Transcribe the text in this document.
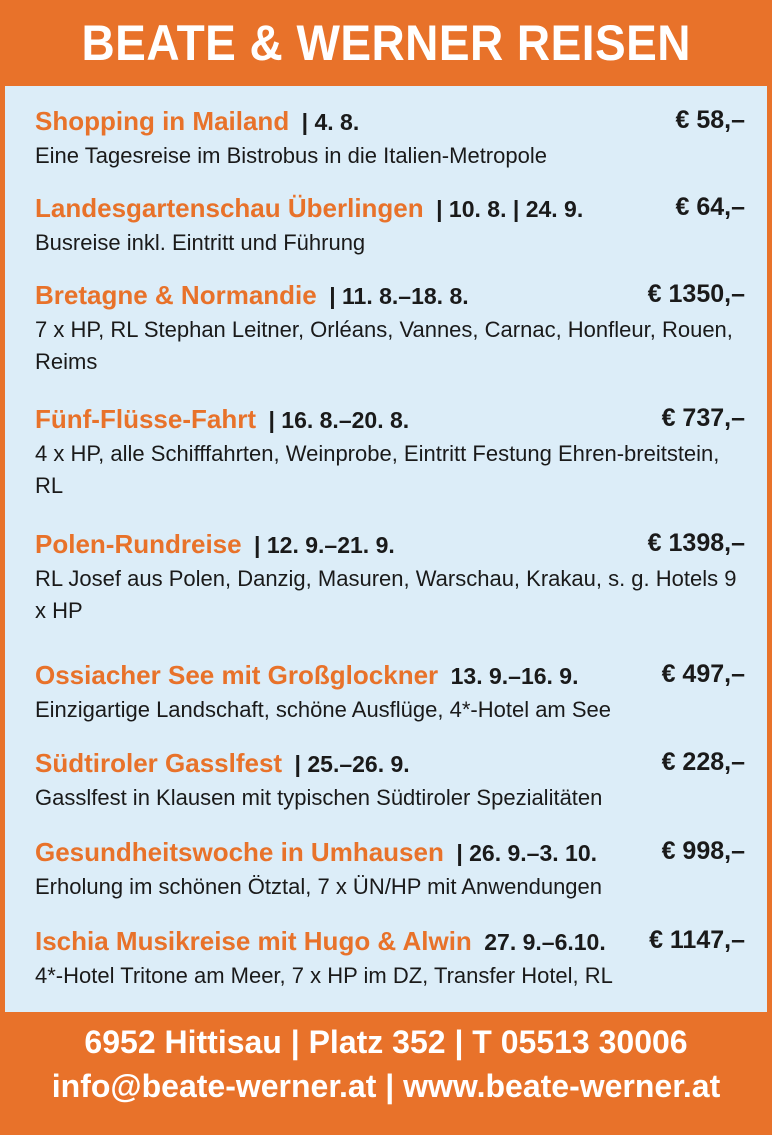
BEATE & WERNER REISEN
Shopping in Mailand | 4. 8.	€ 58,–
Eine Tagesreise im Bistrobus in die Italien-Metropole
Landesgartenschau Überlingen | 10. 8. | 24. 9.	€ 64,–
Busreise inkl. Eintritt und Führung
Bretagne & Normandie | 11. 8.–18. 8.	€ 1350,–
7 x HP, RL Stephan Leitner, Orléans, Vannes, Carnac, Honfleur, Rouen, Reims
Fünf-Flüsse-Fahrt | 16. 8.–20. 8.	€ 737,–
4 x HP, alle Schifffahrten, Weinprobe, Eintritt Festung Ehren-breitstein, RL
Polen-Rundreise | 12. 9.–21. 9.	€ 1398,–
RL Josef aus Polen, Danzig, Masuren, Warschau, Krakau, s. g. Hotels 9 x HP
Ossiacher See mit Großglockner 13. 9.–16. 9.	€ 497,–
Einzigartige Landschaft, schöne Ausflüge, 4*-Hotel am See
Südtiroler Gasslfest | 25.–26. 9.	€ 228,–
Gasslfest in Klausen mit typischen Südtiroler Spezialitäten
Gesundheitswoche in Umhausen | 26. 9.–3. 10.	€ 998,–
Erholung im schönen Ötztal, 7 x ÜN/HP mit Anwendungen
Ischia Musikreise mit Hugo & Alwin 27. 9.–6.10. € 1147,–
4*-Hotel Tritone am Meer, 7 x HP im DZ, Transfer Hotel, RL
6952 Hittisau | Platz 352 | T 05513 30006
info@beate-werner.at | www.beate-werner.at
